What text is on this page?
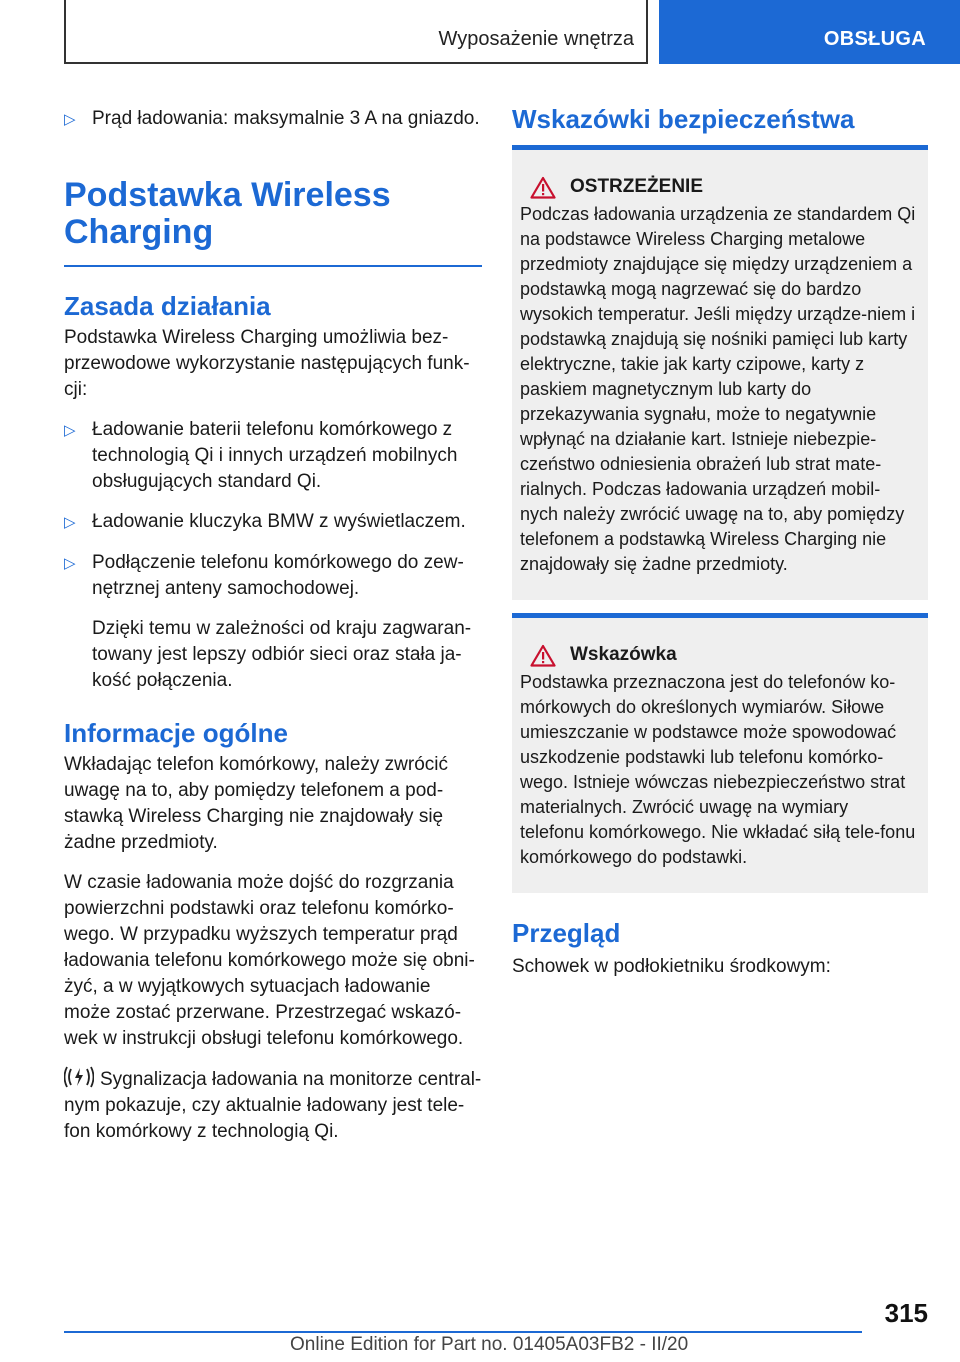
Wyposażenie wnętrza	OBSŁUGA
▷ Prąd ładowania: maksymalnie 3 A na gniazdo.
Podstawka Wireless Charging
Zasada działania

Podstawka Wireless Charging umożliwia bez-przewodowe wykorzystanie następujących funk-cji:

▷ Ładowanie baterii telefonu komórkowego z technologią Qi i innych urządzeń mobilnych obsługujących standard Qi.
▷ Ładowanie kluczyka BMW z wyświetlaczem.
▷ Podłączenie telefonu komórkowego do zew-nętrznej anteny samochodowej.

Dzięki temu w zależności od kraju zagwaran-towany jest lepszy odbiór sieci oraz stała ja-kość połączenia.

Informacje ogólne

Wkładając telefon komórkowy, należy zwrócić uwagę na to, aby pomiędzy telefonem a pod-stawką Wireless Charging nie znajdowały się żadne przedmioty.

W czasie ładowania może dojść do rozgrzania powierzchni podstawki oraz telefonu komórko-wego. W przypadku wyższych temperatur prąd ładowania telefonu komórkowego może się obni-żyć, a w wyjątkowych sytuacjach ładowanie może zostać przerwane. Przestrzegać wskazó-wek w instrukcji obsługi telefonu komórkowego.

Sygnalizacja ładowania na monitorze central-nym pokazuje, czy aktualnie ładowany jest tele-fon komórkowy z technologią Qi.

Wskazówki bezpieczeństwa
OSTRZEŻENIE

Podczas ładowania urządzenia ze standardem Qi na podstawce Wireless Charging metalowe przedmioty znajdujące się między urządzeniem a podstawką mogą nagrzewać się do bardzo wysokich temperatur. Jeśli między urządze-niem i podstawką znajdują się nośniki pamięci lub karty elektryczne, takie jak karty czipowe, karty z paskiem magnetycznym lub karty do przekazywania sygnału, może to negatywnie wpłynąć na działanie kart. Istnieje niebezpie-czeństwo odniesienia obrażeń lub strat mate-rialnych. Podczas ładowania urządzeń mobil-nych należy zwrócić uwagę na to, aby pomiędzy telefonem a podstawką Wireless Charging nie znajdowały się żadne przedmioty.

Wskazówka

Podstawka przeznaczona jest do telefonów ko-mórkowych do określonych wymiarów. Siłowe umieszczanie w podstawce może spowodować uszkodzenie podstawki lub telefonu komórko-wego. Istnieje wówczas niebezpieczeństwo strat materialnych. Zwrócić uwagę na wymiary telefonu komórkowego. Nie wkładać siłą tele-fonu komórkowego do podstawki.

Przegląd

Schowek w podłokietniku środkowym:

315
Online Edition for Part no. 01405A03FB2 - II/20
